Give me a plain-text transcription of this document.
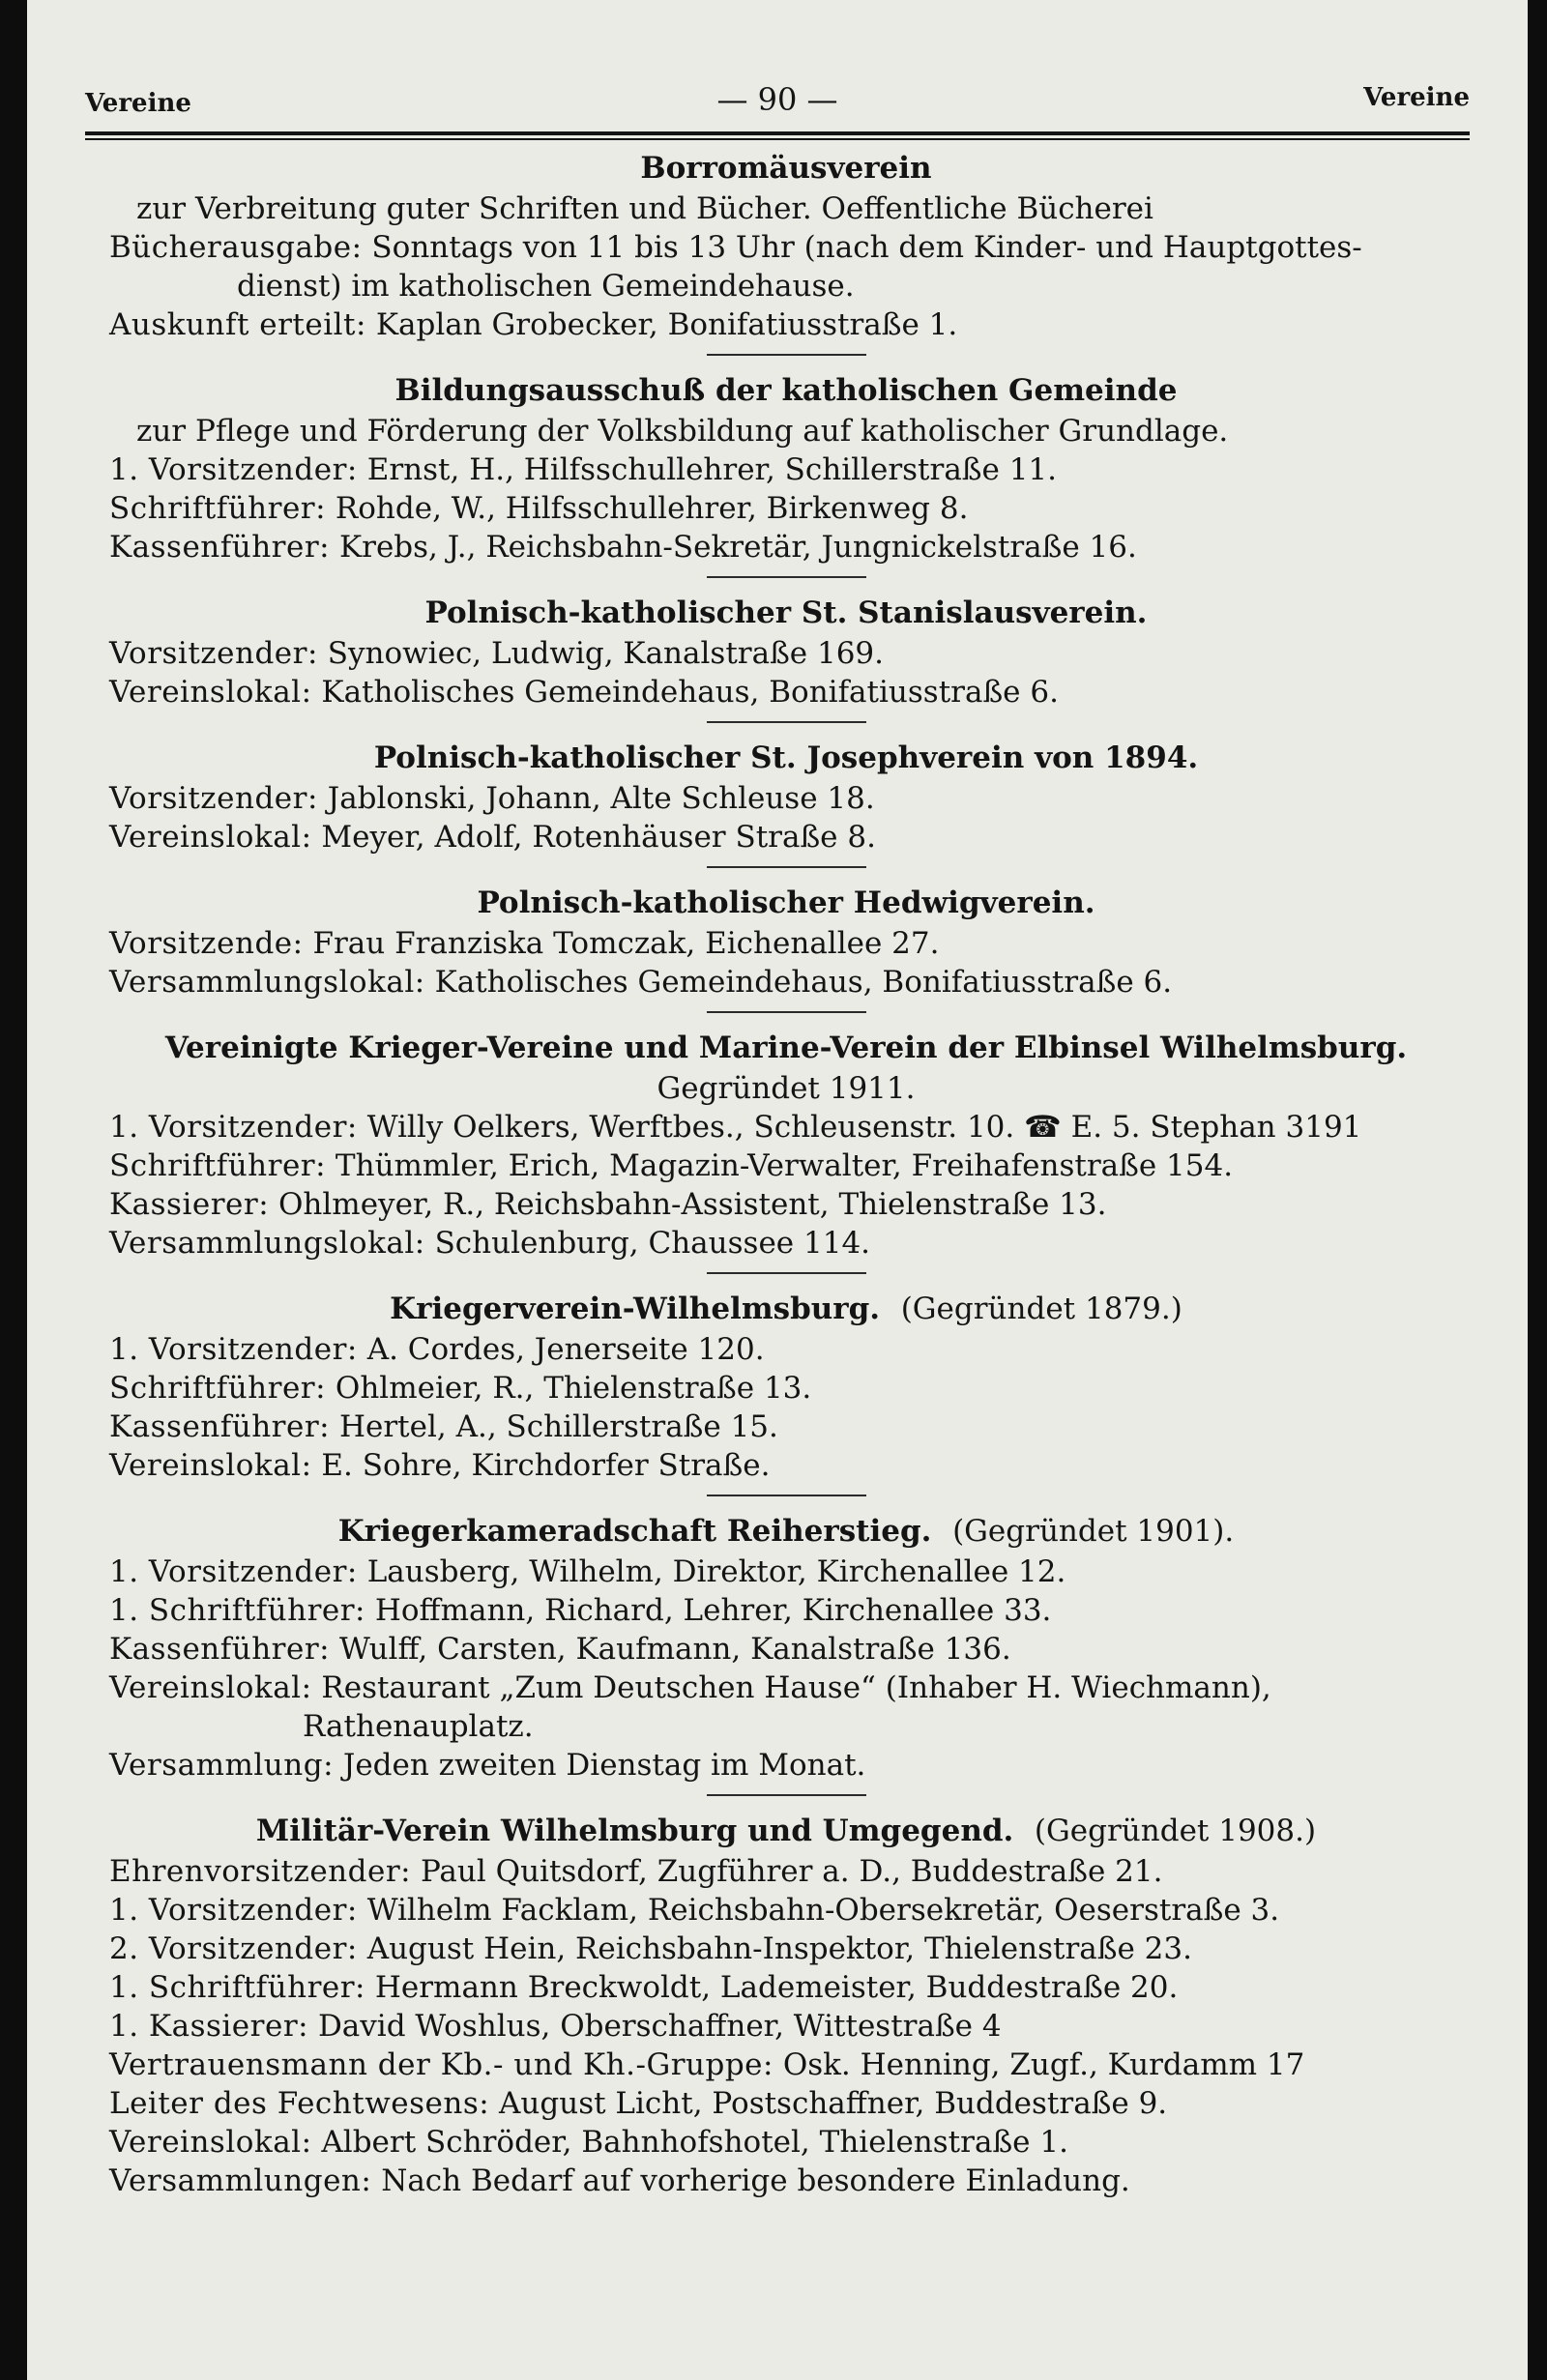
Vereine	— 90 —	Vereine
Borromäusverein
zur Verbreitung guter Schriften und Bücher. Oeffentliche Bücherei
Bücherausgabe: Sonntags von 11 bis 13 Uhr (nach dem Kinder- und Hauptgottes-
dienst) im katholischen Gemeindehause.
Auskunft erteilt: Kaplan Grobecker, Bonifatiusstraße 1.
Bildungsausschuß der katholischen Gemeinde
zur Pflege und Förderung der Volksbildung auf katholischer Grundlage.
1. Vorsitzender: Ernst, H., Hilfsschullehrer, Schillerstraße 11.
Schriftführer: Rohde, W., Hilfsschullehrer, Birkenweg 8.
Kassenführer: Krebs, J., Reichsbahn-Sekretär, Jungnickelstraße 16.
Polnisch-katholischer St. Stanislausverein.
Vorsitzender: Synowiec, Ludwig, Kanalstraße 169.
Vereinslokal: Katholisches Gemeindehaus, Bonifatiusstraße 6.
Polnisch-katholischer St. Josephverein von 1894.
Vorsitzender: Jablonski, Johann, Alte Schleuse 18.
Vereinslokal: Meyer, Adolf, Rotenhäuser Straße 8.
Polnisch-katholischer Hedwigverein.
Vorsitzende: Frau Franziska Tomczak, Eichenallee 27.
Versammlungslokal: Katholisches Gemeindehaus, Bonifatiusstraße 6.
Vereinigte Krieger-Vereine und Marine-Verein der Elbinsel Wilhelmsburg.
Gegründet 1911.
1. Vorsitzender: Willy Oelkers, Werftbes., Schleusenstr. 10. ☎ E. 5. Stephan 3191
Schriftführer: Thümmler, Erich, Magazin-Verwalter, Freihafenstraße 154.
Kassierer: Ohlmeyer, R., Reichsbahn-Assistent, Thielenstraße 13.
Versammlungslokal: Schulenburg, Chaussee 114.
Kriegerverein-Wilhelmsburg. (Gegründet 1879.)
1. Vorsitzender: A. Cordes, Jenerseite 120.
Schriftführer: Ohlmeier, R., Thielenstraße 13.
Kassenführer: Hertel, A., Schillerstraße 15.
Vereinslokal: E. Sohre, Kirchdorfer Straße.
Kriegerkameradschaft Reiherstieg. (Gegründet 1901).
1. Vorsitzender: Lausberg, Wilhelm, Direktor, Kirchenallee 12.
1. Schriftführer: Hoffmann, Richard, Lehrer, Kirchenallee 33.
Kassenführer: Wulff, Carsten, Kaufmann, Kanalstraße 136.
Vereinslokal: Restaurant „Zum Deutschen Hause“ (Inhaber H. Wiechmann),
Rathenauplatz.
Versammlung: Jeden zweiten Dienstag im Monat.
Militär-Verein Wilhelmsburg und Umgegend. (Gegründet 1908.)
Ehrenvorsitzender: Paul Quitsdorf, Zugführer a. D., Buddestraße 21.
1. Vorsitzender: Wilhelm Facklam, Reichsbahn-Obersekretär, Oeserstraße 3.
2. Vorsitzender: August Hein, Reichsbahn-Inspektor, Thielenstraße 23.
1. Schriftführer: Hermann Breckwoldt, Lademeister, Buddestraße 20.
1. Kassierer: David Woshlus, Oberschaffner, Wittestraße 4
Vertrauensmann der Kb.- und Kh.-Gruppe: Osk. Henning, Zugf., Kurdamm 17
Leiter des Fechtwesens: August Licht, Postschaffner, Buddestraße 9.
Vereinslokal: Albert Schröder, Bahnhofshotel, Thielenstraße 1.
Versammlungen: Nach Bedarf auf vorherige besondere Einladung.
